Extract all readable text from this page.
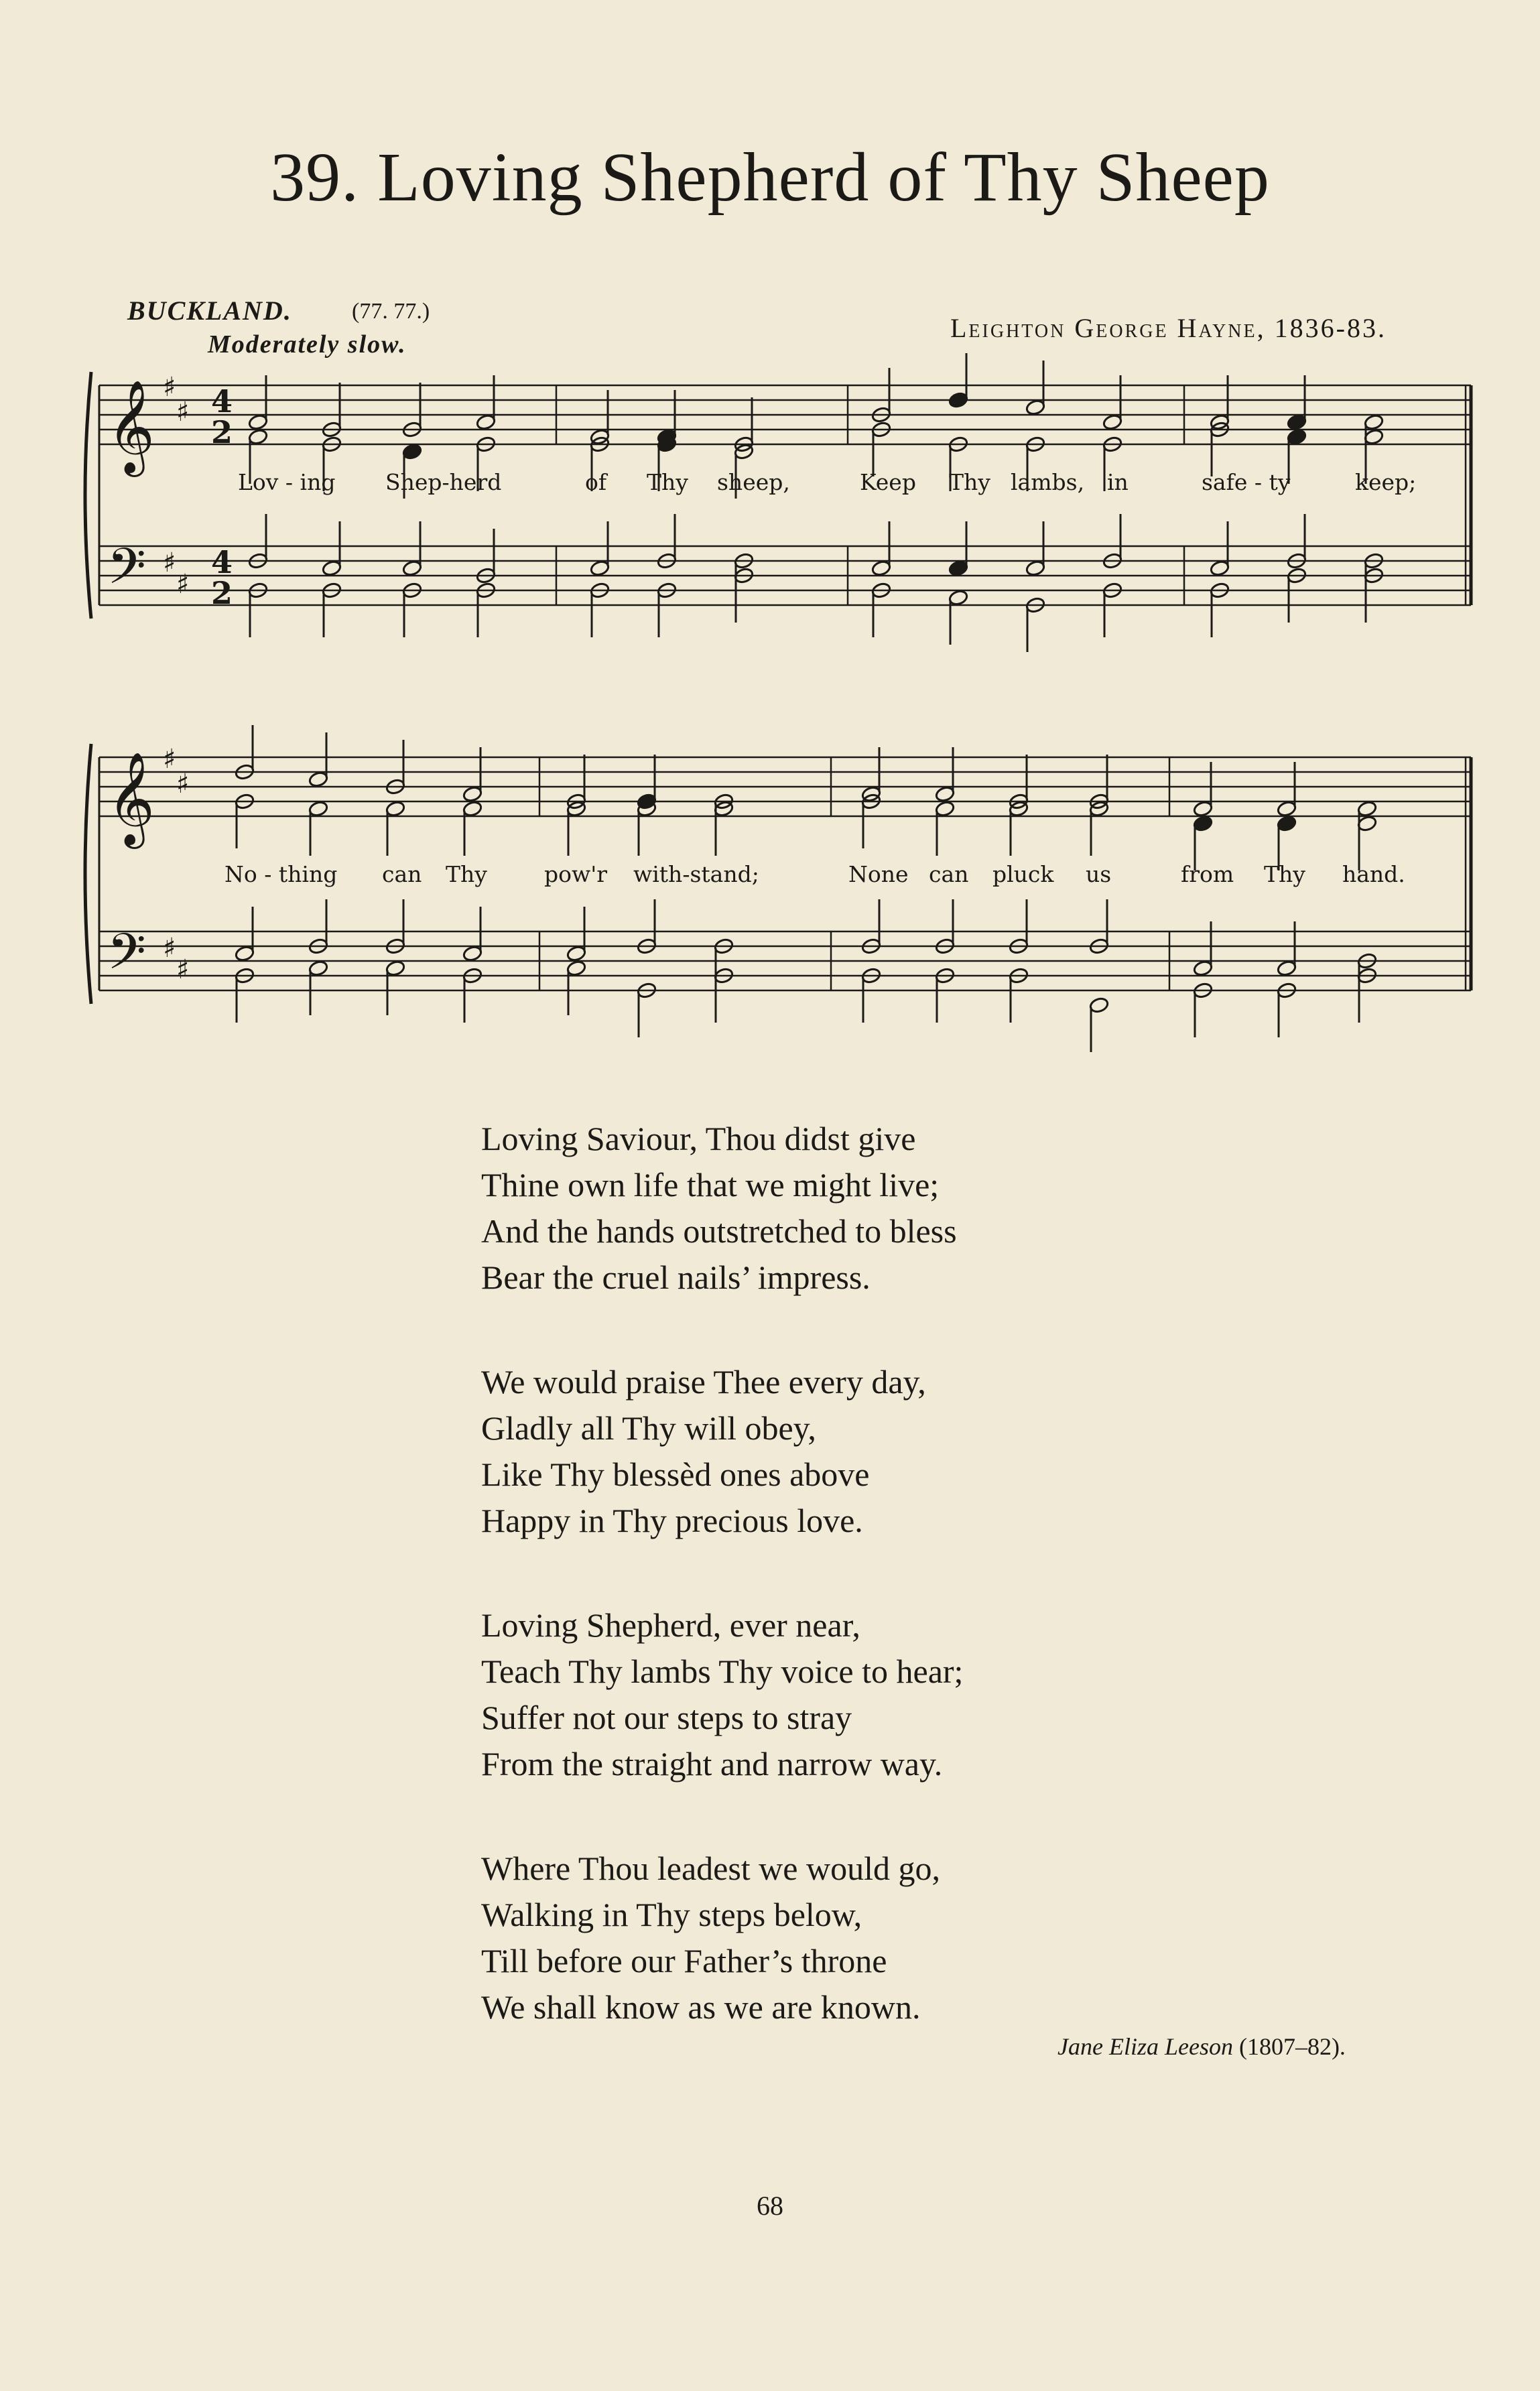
39. Loving Shepherd of Thy Sheep
BUCKLAND.	(77. 77.)
Moderately slow.
Leighton George Hayne, 1836-83.
4
2
4
2
𝄞
𝄢
♯
♯
♯
♯
𝄞
𝄢
♯
♯
♯
♯
Lov - ing Shep-herd	of Thy sheep,	Keep Thy lambs, in	safe - ty	keep;
No - thing can Thy	pow'r with-stand;	None can pluck us	from Thy hand.
Loving Saviour, Thou didst give
Thine own life that we might live;
And the hands outstretched to bless
Bear the cruel nails’ impress.
We would praise Thee every day,
Gladly all Thy will obey,
Like Thy blessèd ones above
Happy in Thy precious love.
Loving Shepherd, ever near,
Teach Thy lambs Thy voice to hear;
Suffer not our steps to stray
From the straight and narrow way.
Where Thou leadest we would go,
Walking in Thy steps below,
Till before our Father’s throne
We shall know as we are known.
Jane Eliza Leeson (1807–82).
68
